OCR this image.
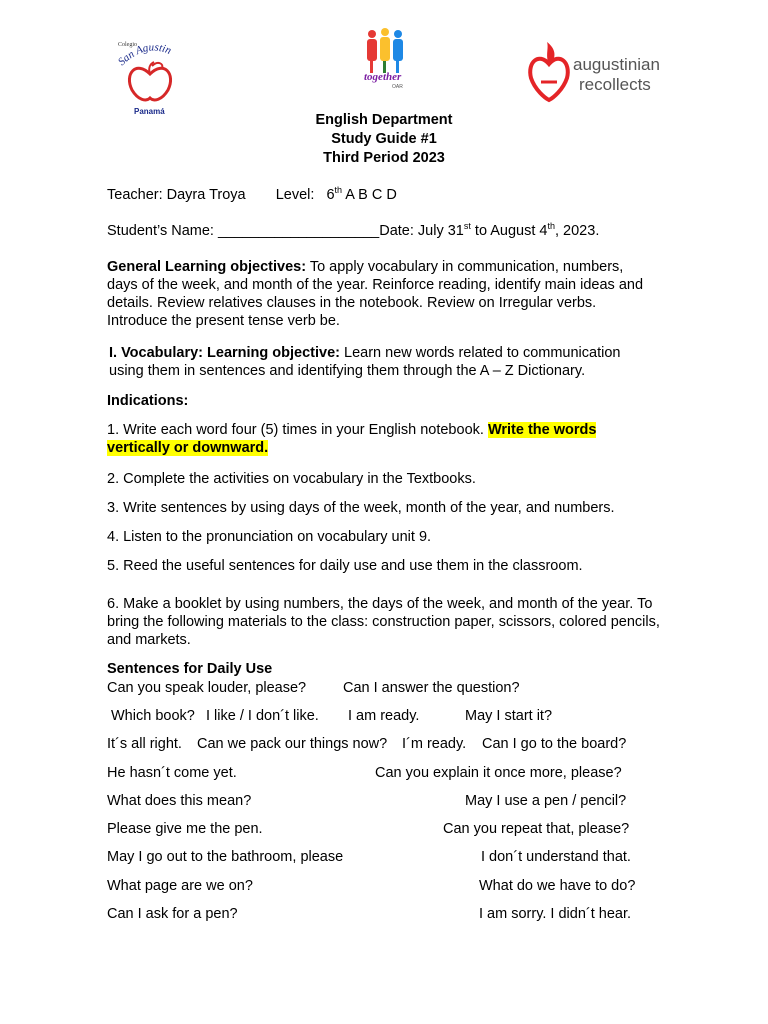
Colegio
San Agustin
Panamá
together
OAR
augustinian
recollects
English Department
Study Guide #1
Third Period 2023
Teacher: Dayra Troya Level: 6th A B C D
Student’s Name: ____________________Date: July 31st to August 4th, 2023.
General Learning objectives: To apply vocabulary in communication, numbers, days of the week, and month of the year. Reinforce reading, identify main ideas and details. Review relatives clauses in the notebook. Review on Irregular verbs. Introduce the present tense verb be.
I. Vocabulary: Learning objective: Learn new words related to communication using them in sentences and identifying them through the A – Z Dictionary.
Indications:
1. Write each word four (5) times in your English notebook. Write the words
vertically or downward.
2. Complete the activities on vocabulary in the Textbooks.
3. Write sentences by using days of the week, month of the year, and numbers.
4. Listen to the pronunciation on vocabulary unit 9.
5. Reed the useful sentences for daily use and use them in the classroom.
6. Make a booklet by using numbers, the days of the week, and month of the year. To bring the following materials to the class: construction paper, scissors, colored pencils, and markets.
Sentences for Daily Use
Can you speak louder, please?	Can I answer the question?
Which book? I like / I don´t like. I am ready.	May I start it?
It´s all right. Can we pack our things now? I´m ready. Can I go to the board?
He hasn´t come yet.	Can you explain it once more, please?
What does this mean?	May I use a pen / pencil?
Please give me the pen.	Can you repeat that, please?
May I go out to the bathroom, please	I don´t understand that.
What page are we on?	What do we have to do?
Can I ask for a pen?	I am sorry. I didn´t hear.
